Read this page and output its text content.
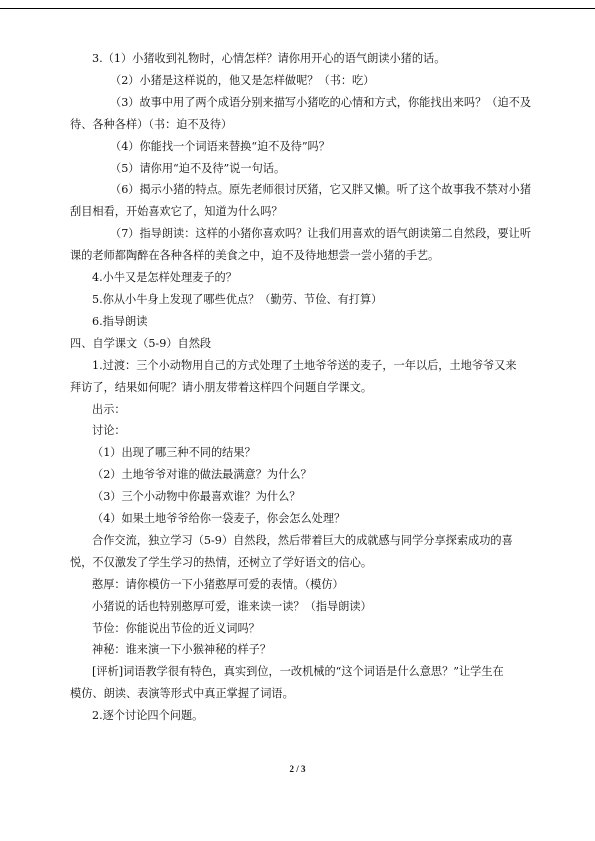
3.（1）小猪收到礼物时，心情怎样？请你用开心的语气朗读小猪的话。

（2）小猪是这样说的，他又是怎样做呢？（书：吃）

（3）故事中用了两个成语分别来描写小猪吃的心情和方式，你能找出来吗？（迫不及

待、各种各样）（书：迫不及待）

（4）你能找一个词语来替换“迫不及待”吗？

（5）请你用“迫不及待”说一句话。

（6）揭示小猪的特点。原先老师很讨厌猪，它又胖又懒。听了这个故事我不禁对小猪

刮目相看，开始喜欢它了，知道为什么吗？

（7）指导朗读：这样的小猪你喜欢吗？让我们用喜欢的语气朗读第二自然段，要让听

课的老师都陶醉在各种各样的美食之中，迫不及待地想尝一尝小猪的手艺。

4.小牛又是怎样处理麦子的？

5.你从小牛身上发现了哪些优点？（勤劳、节俭、有打算）

6.指导朗读

四、自学课文（5-9）自然段

1.过渡：三个小动物用自己的方式处理了土地爷爷送的麦子，一年以后，土地爷爷又来

拜访了，结果如何呢？请小朋友带着这样四个问题自学课文。

出示：

讨论：

（1）出现了哪三种不同的结果？

（2）土地爷爷对谁的做法最满意？为什么？

（3）三个小动物中你最喜欢谁？为什么？

（4）如果土地爷爷给你一袋麦子，你会怎么处理？

合作交流，独立学习（5-9）自然段，然后带着巨大的成就感与同学分享探索成功的喜

悦，不仅激发了学生学习的热情，还树立了学好语文的信心。

憨厚：请你模仿一下小猪憨厚可爱的表情。（模仿）

小猪说的话也特别憨厚可爱，谁来读一读？（指导朗读）

节俭：你能说出节俭的近义词吗？

神秘：谁来演一下小猴神秘的样子？

[评析]词语教学很有特色，真实到位，一改机械的“这个词语是什么意思？”让学生在

模仿、朗读、表演等形式中真正掌握了词语。

2.逐个讨论四个问题。

2 / 3
